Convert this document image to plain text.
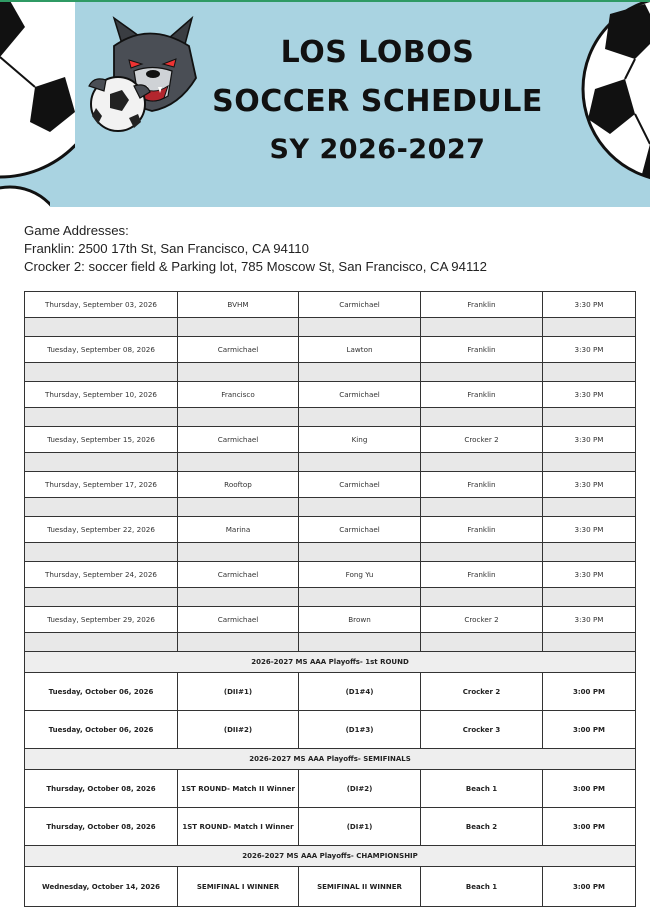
LOS LOBOS
SOCCER SCHEDULE
SY 2026-2027
Game Addresses:
Franklin: 2500 17th St, San Francisco, CA 94110
Crocker 2: soccer field & Parking lot, 785 Moscow St, San Francisco, CA 94112
Thursday, September 03, 2026	BVHM	Carmichael	Franklin	3:30 PM

Tuesday, September 08, 2026	Carmichael	Lawton	Franklin	3:30 PM

Thursday, September 10, 2026	Francisco	Carmichael	Franklin	3:30 PM

Tuesday, September 15, 2026	Carmichael	King	Crocker 2	3:30 PM

Thursday, September 17, 2026	Rooftop	Carmichael	Franklin	3:30 PM

Tuesday, September 22, 2026	Marina	Carmichael	Franklin	3:30 PM

Thursday, September 24, 2026	Carmichael	Fong Yu	Franklin	3:30 PM

Tuesday, September 29, 2026	Carmichael	Brown	Crocker 2	3:30 PM

2026-2027 MS AAA Playoffs- 1st ROUND				
Tuesday, October 06, 2026	(DII#1)	(D1#4)	Crocker 2	3:00 PM
Tuesday, October 06, 2026	(DII#2)	(D1#3)	Crocker 3	3:00 PM
2026-2027 MS AAA Playoffs- SEMIFINALS				
Thursday, October 08, 2026	1ST ROUND- Match II Winner	(DI#2)	Beach 1	3:00 PM
Thursday, October 08, 2026	1ST ROUND- Match I Winner	(DI#1)	Beach 2	3:00 PM
2026-2027 MS AAA Playoffs- CHAMPIONSHIP				
Wednesday, October 14, 2026	SEMIFINAL I WINNER	SEMIFINAL II WINNER	Beach 1	3:00 PM
